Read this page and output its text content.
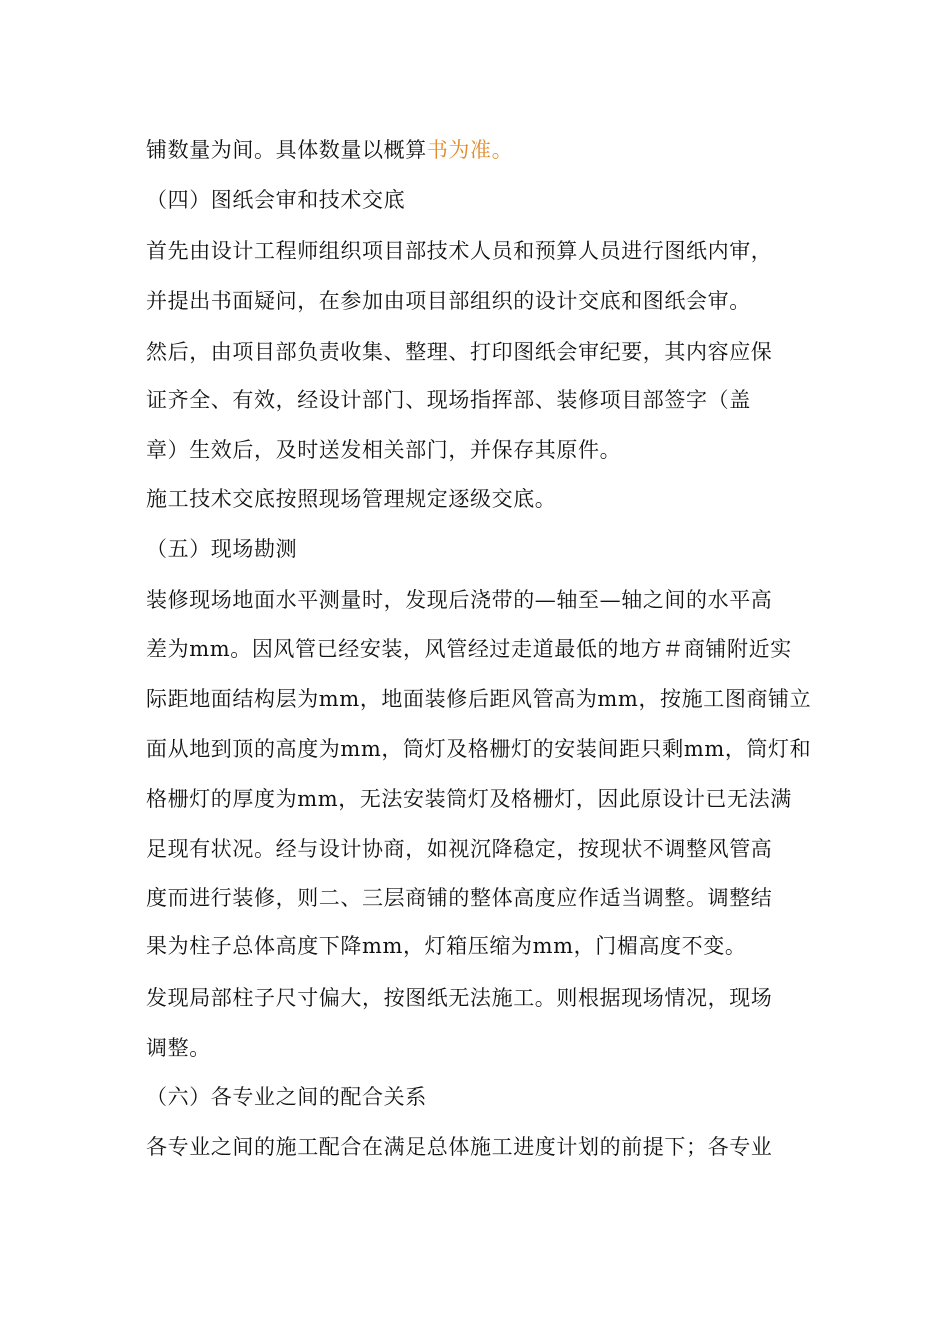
铺数量为间。具体数量以概算书为准。
（四）图纸会审和技术交底
首先由设计工程师组织项目部技术人员和预算人员进行图纸内审，
并提出书面疑问，在参加由项目部组织的设计交底和图纸会审。
然后，由项目部负责收集、整理、打印图纸会审纪要，其内容应保
证齐全、有效，经设计部门、现场指挥部、装修项目部签字（盖
章）生效后，及时送发相关部门，并保存其原件。
施工技术交底按照现场管理规定逐级交底。
（五）现场勘测
装修现场地面水平测量时，发现后浇带的—轴至—轴之间的水平高
差为mm。因风管已经安装，风管经过走道最低的地方＃商铺附近实
际距地面结构层为mm，地面装修后距风管高为mm，按施工图商铺立
面从地到顶的高度为mm，筒灯及格栅灯的安装间距只剩mm，筒灯和
格栅灯的厚度为mm，无法安装筒灯及格栅灯，因此原设计已无法满
足现有状况。经与设计协商，如视沉降稳定，按现状不调整风管高
度而进行装修，则二、三层商铺的整体高度应作适当调整。调整结
果为柱子总体高度下降mm，灯箱压缩为mm，门楣高度不变。
发现局部柱子尺寸偏大，按图纸无法施工。则根据现场情况，现场
调整。
（六）各专业之间的配合关系
各专业之间的施工配合在满足总体施工进度计划的前提下；各专业
